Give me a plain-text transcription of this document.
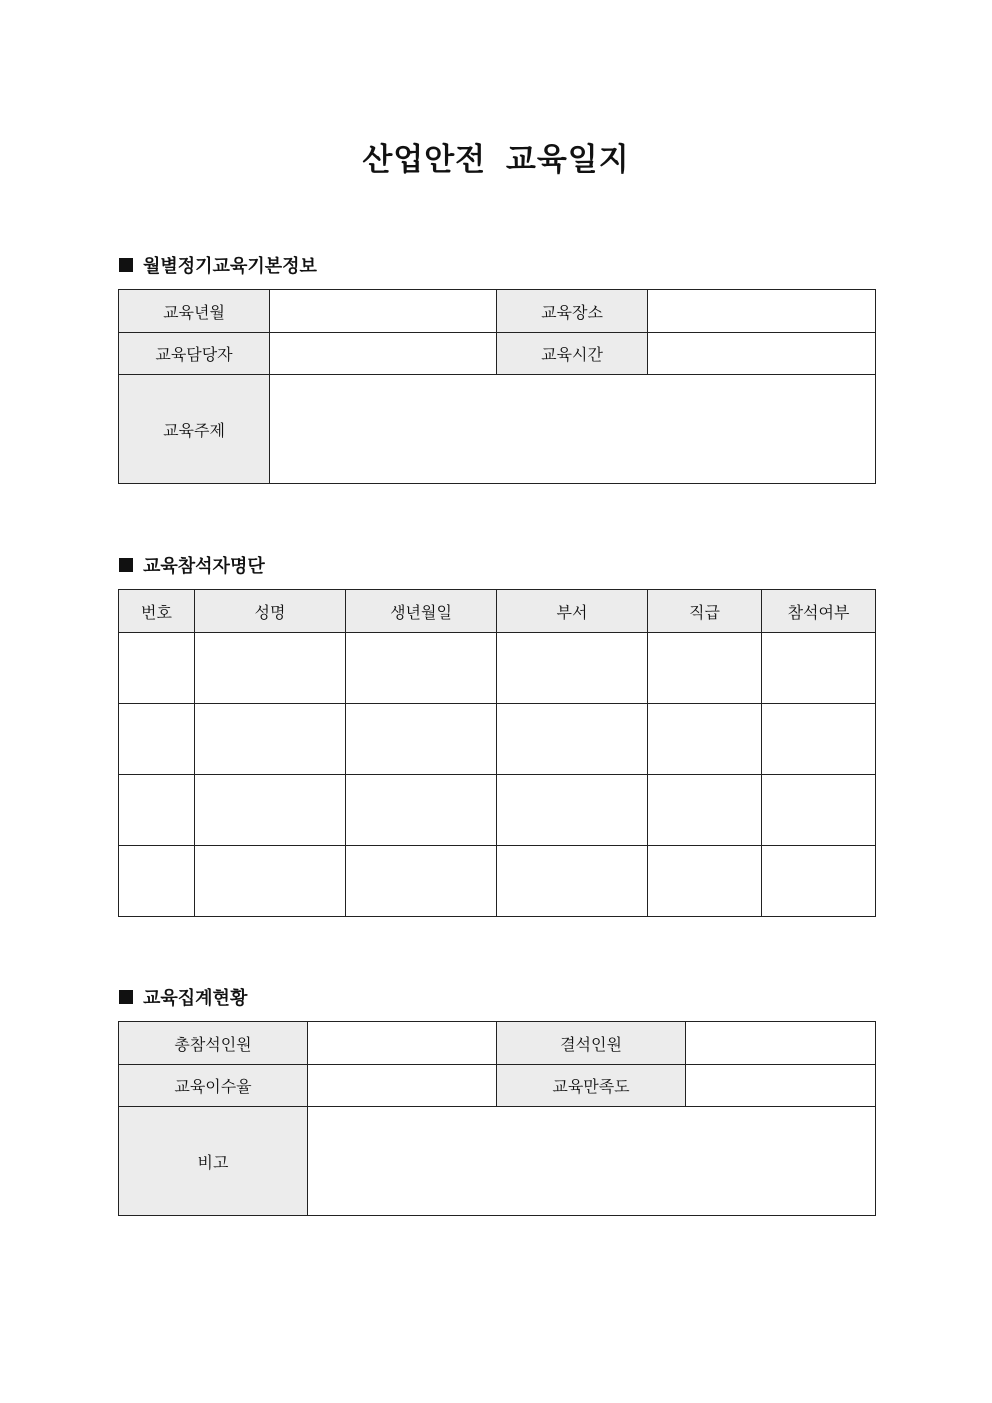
산업안전 교육일지
월별정기교육기본정보
교육년월		교육장소	
교육담당자		교육시간	
교육주제			
교육참석자명단
번호	성명	생년월일	부서	직급	참석여부

교육집계현황
총참석인원		결석인원	
교육이수율		교육만족도	
비고			
